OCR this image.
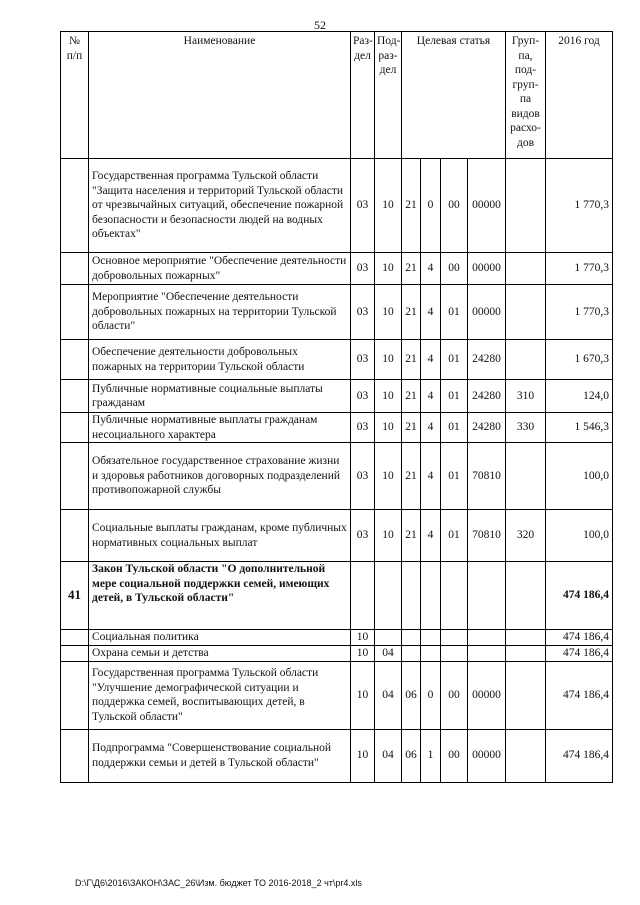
52
№ п/п	Наименование	Раз-дел	Под-раз-дел	Целевая статья				Груп-па, под-груп-па видов расхо-дов	2016 год
	Государственная программа Тульской области "Защита населения и территорий Тульской области от чрезвычайных ситуаций, обеспечение пожарной безопасности и безопасности людей на водных объектах"	03	10	21	0	00	00000		1 770,3
	Основное мероприятие "Обеспечение деятельности добровольных пожарных"	03	10	21	4	00	00000		1 770,3
	Мероприятие "Обеспечение деятельности добровольных пожарных на территории Тульской области"	03	10	21	4	01	00000		1 770,3
	Обеспечение деятельности добровольных пожарных на территории Тульской области	03	10	21	4	01	24280		1 670,3
	Публичные нормативные социальные выплаты гражданам	03	10	21	4	01	24280	310	124,0
	Публичные нормативные выплаты гражданам несоциального характера	03	10	21	4	01	24280	330	1 546,3
	Обязательное государственное страхование жизни и здоровья работников договорных подразделений противопожарной службы	03	10	21	4	01	70810		100,0
	Социальные выплаты гражданам, кроме публичных нормативных социальных выплат	03	10	21	4	01	70810	320	100,0
41	Закон Тульской области "О дополнительной мере социальной поддержки семей, имеющих детей, в Тульской области"								474 186,4
	Социальная политика	10							474 186,4
	Охрана семьи и детства	10	04						474 186,4
	Государственная программа Тульской области "Улучшение демографической ситуации и поддержка семей, воспитывающих детей, в Тульской области"	10	04	06	0	00	00000		474 186,4
	Подпрограмма "Совершенствование социальной поддержки семьи и детей в Тульской области"	10	04	06	1	00	00000		474 186,4
D:\Г\Д6\2016\ЗАКОН\ЗАС_26\Изм. бюджет ТО 2016-2018_2 чт\pr4.xls
